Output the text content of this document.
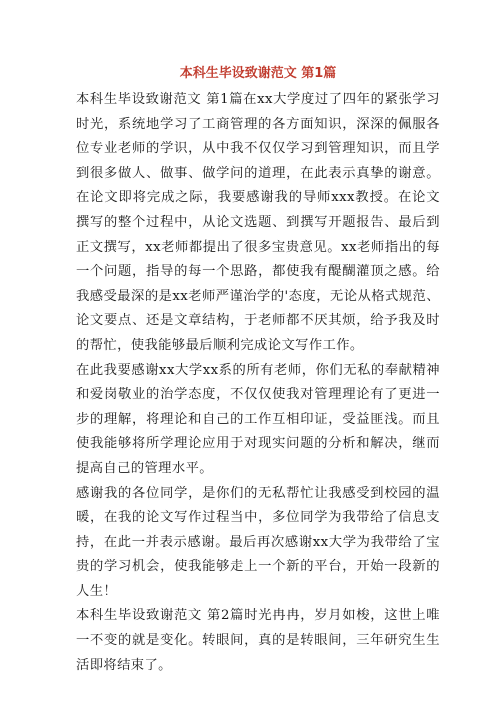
本科生毕设致谢范文 第1篇

本科生毕设致谢范文 第1篇在xx大学度过了四年的紧张学习时光，系统地学习了工商管理的各方面知识，深深的佩服各位专业老师的学识，从中我不仅仅学习到管理知识，而且学到很多做人、做事、做学问的道理，在此表示真挚的谢意。在论文即将完成之际，我要感谢我的导师xxx教授。在论文撰写的整个过程中，从论文选题、到撰写开题报告、最后到正文撰写，xx老师都提出了很多宝贵意见。xx老师指出的每一个问题，指导的每一个思路，都使我有醍醐灌顶之感。给我感受最深的是xx老师严谨治学的'态度，无论从格式规范、论文要点、还是文章结构，于老师都不厌其烦，给予我及时的帮忙，使我能够最后顺利完成论文写作工作。

在此我要感谢xx大学xx系的所有老师，你们无私的奉献精神和爱岗敬业的治学态度，不仅仅使我对管理理论有了更进一步的理解，将理论和自己的工作互相印证，受益匪浅。而且使我能够将所学理论应用于对现实问题的分析和解决，继而提高自己的管理水平。

感谢我的各位同学，是你们的无私帮忙让我感受到校园的温暖，在我的论文写作过程当中，多位同学为我带给了信息支持，在此一并表示感谢。最后再次感谢xx大学为我带给了宝贵的学习机会，使我能够走上一个新的平台，开始一段新的人生！

本科生毕设致谢范文 第2篇时光冉冉，岁月如梭，这世上唯一不变的就是变化。转眼间，真的是转眼间，三年研究生生活即将结束了。
